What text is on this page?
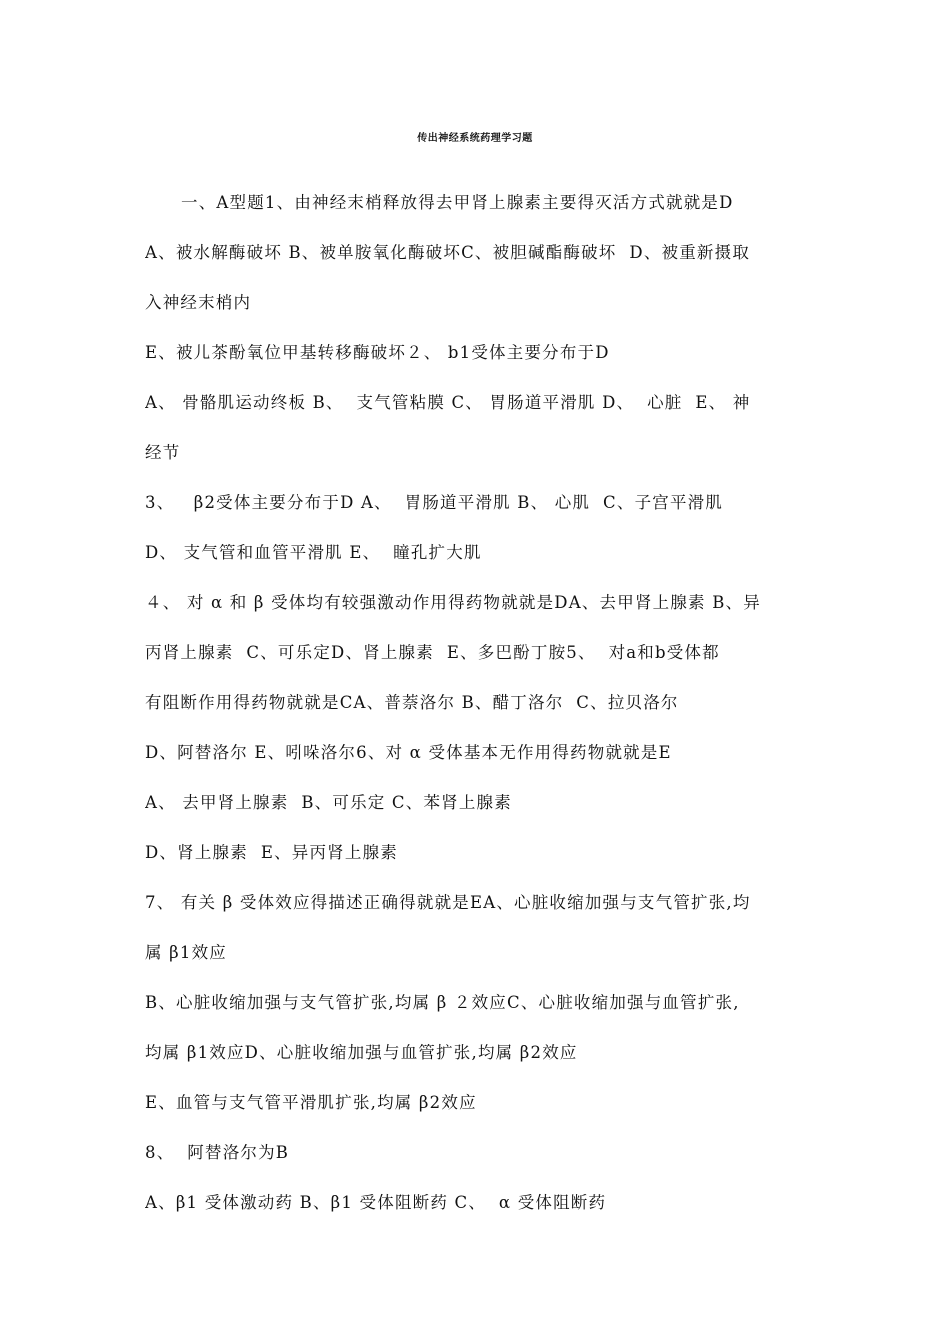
传出神经系统药理学习题
一、A型题1、由神经末梢释放得去甲肾上腺素主要得灭活方式就就是D
A、被水解酶破坏 B、被单胺氧化酶破坏C、被胆碱酯酶破坏  D、被重新摄取
入神经末梢内
E、被儿茶酚氧位甲基转移酶破坏２、 b1受体主要分布于D
A、 骨骼肌运动终板 B、  支气管粘膜 C、 胃肠道平滑肌 D、  心脏  E、 神
经节
3、   β2受体主要分布于D A、  胃肠道平滑肌 B、 心肌  C、子宫平滑肌
D、 支气管和血管平滑肌 E、  瞳孔扩大肌
４、 对 α 和 β 受体均有较强激动作用得药物就就是DA、去甲肾上腺素 B、异
丙肾上腺素  C、可乐定D、肾上腺素  E、多巴酚丁胺5、  对a和b受体都
有阻断作用得药物就就是CA、普萘洛尔 B、醋丁洛尔  C、拉贝洛尔
D、阿替洛尔 E、吲哚洛尔6、对 α 受体基本无作用得药物就就是E
A、 去甲肾上腺素  B、可乐定 C、苯肾上腺素
D、肾上腺素  E、异丙肾上腺素
7、 有关 β 受体效应得描述正确得就就是EA、心脏收缩加强与支气管扩张,均
属 β1效应
B、心脏收缩加强与支气管扩张,均属 β ２效应C、心脏收缩加强与血管扩张,
均属 β1效应D、心脏收缩加强与血管扩张,均属 β2效应
E、血管与支气管平滑肌扩张,均属 β2效应
8、  阿替洛尔为B
A、β1 受体激动药 B、β1 受体阻断药 C、  α 受体阻断药
